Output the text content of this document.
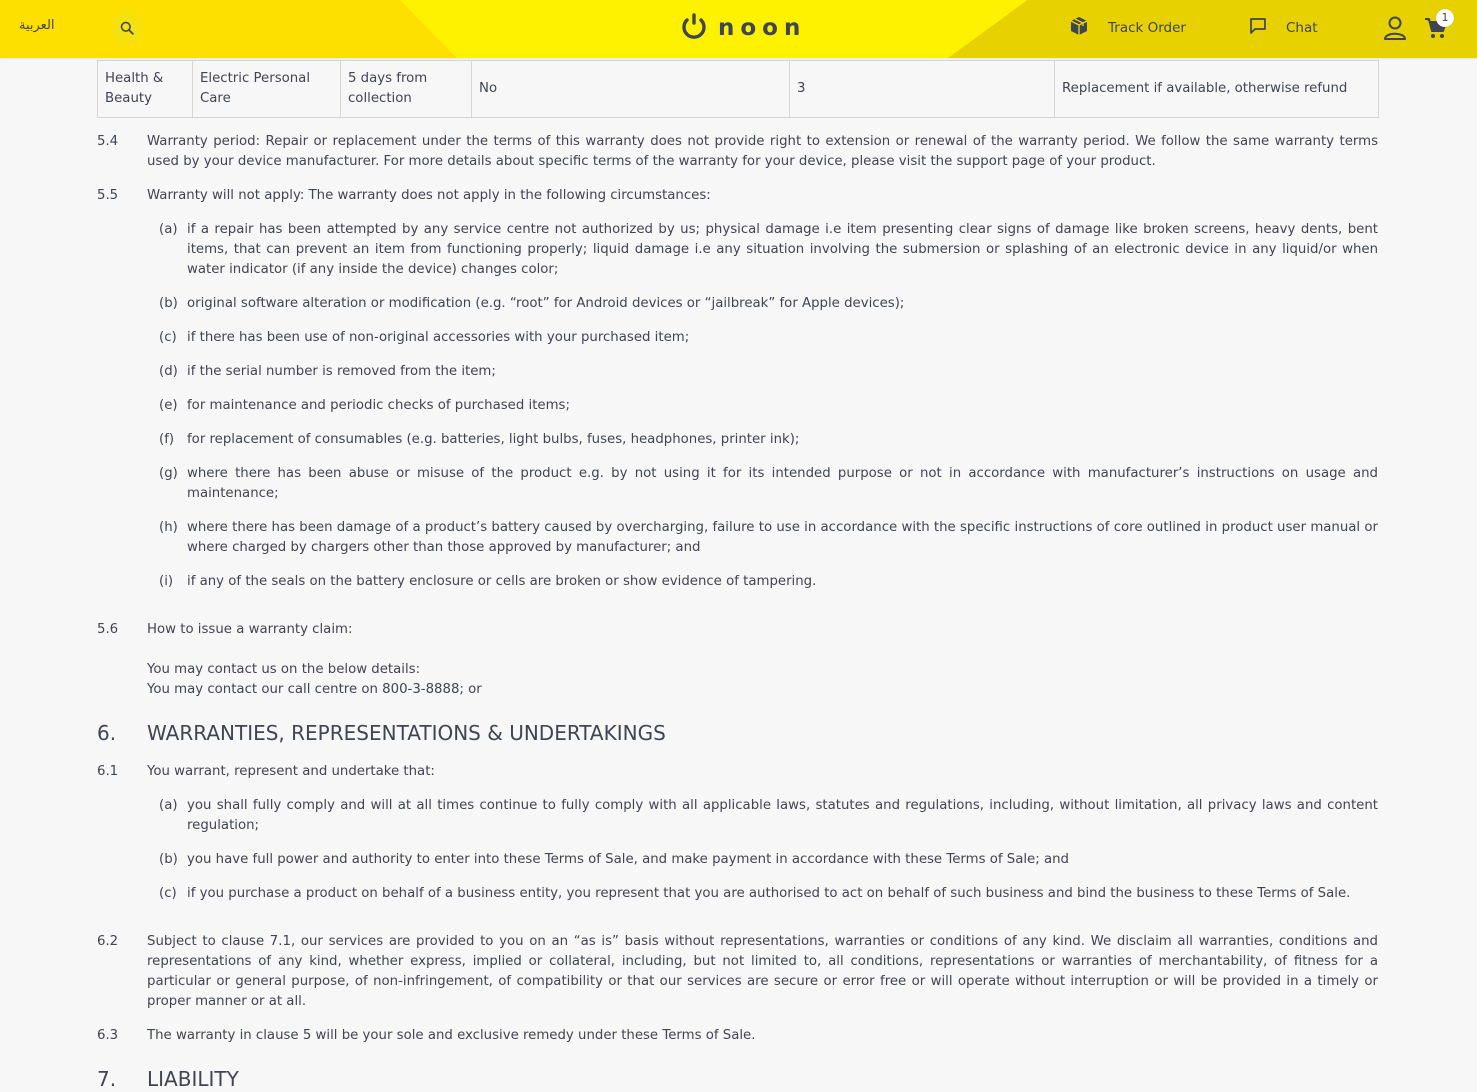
العربية	noon	Track Order	Chat
1
Health & Beauty	Electric Personal Care	5 days from collection	No	3	Replacement if available, otherwise refund
5.4 Warranty period: Repair or replacement under the terms of this warranty does not provide right to extension or renewal of the warranty period. We follow the same warranty terms used by your device manufacturer. For more details about specific terms of the warranty for your device, please visit the support page of your product.
5.5 Warranty will not apply: The warranty does not apply in the following circumstances:
(a) if a repair has been attempted by any service centre not authorized by us; physical damage i.e item presenting clear signs of damage like broken screens, heavy dents, bent items, that can prevent an item from functioning properly; liquid damage i.e any situation involving the submersion or splashing of an electronic device in any liquid/or when water indicator (if any inside the device) changes color;
(b) original software alteration or modification (e.g. “root” for Android devices or “jailbreak” for Apple devices);
(c) if there has been use of non-original accessories with your purchased item;
(d) if the serial number is removed from the item;
(e) for maintenance and periodic checks of purchased items;
(f) for replacement of consumables (e.g. batteries, light bulbs, fuses, headphones, printer ink);
(g) where there has been abuse or misuse of the product e.g. by not using it for its intended purpose or not in accordance with manufacturer’s instructions on usage and maintenance;
(h) where there has been damage of a product’s battery caused by overcharging, failure to use in accordance with the specific instructions of core outlined in product user manual or where charged by chargers other than those approved by manufacturer; and
(i) if any of the seals on the battery enclosure or cells are broken or show evidence of tampering.
5.6 How to issue a warranty claim:
You may contact us on the below details:
You may contact our call centre on 800-3-8888; or
6. WARRANTIES, REPRESENTATIONS & UNDERTAKINGS
6.1 You warrant, represent and undertake that:
(a) you shall fully comply and will at all times continue to fully comply with all applicable laws, statutes and regulations, including, without limitation, all privacy laws and content regulation;
(b) you have full power and authority to enter into these Terms of Sale, and make payment in accordance with these Terms of Sale; and
(c) if you purchase a product on behalf of a business entity, you represent that you are authorised to act on behalf of such business and bind the business to these Terms of Sale.
6.2 Subject to clause 7.1, our services are provided to you on an “as is” basis without representations, warranties or conditions of any kind. We disclaim all warranties, conditions and representations of any kind, whether express, implied or collateral, including, but not limited to, all conditions, representations or warranties of merchantability, of fitness for a particular or general purpose, of non-infringement, of compatibility or that our services are secure or error free or will operate without interruption or will be provided in a timely or proper manner or at all.
6.3 The warranty in clause 5 will be your sole and exclusive remedy under these Terms of Sale.
7. LIABILITY
